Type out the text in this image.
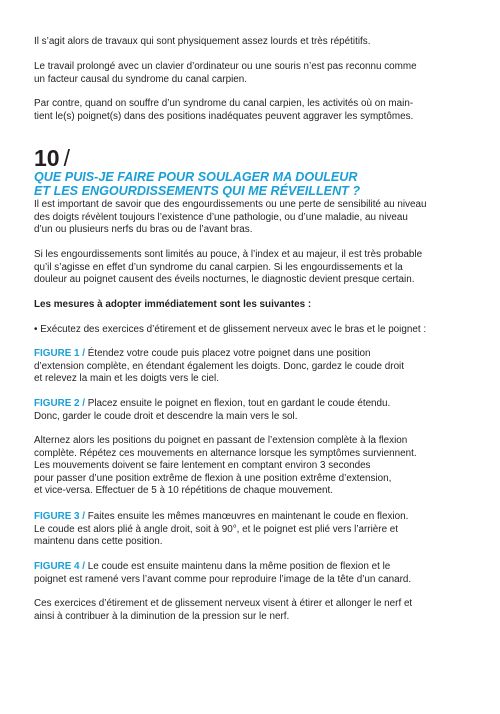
Il s’agit alors de travaux qui sont physiquement assez lourds et très répétitifs.

Le travail prolongé avec un clavier d’ordinateur ou une souris n’est pas reconnu comme
un facteur causal du syndrome du canal carpien.

Par contre, quand on souffre d’un syndrome du canal carpien, les activités où on main-
tient le(s) poignet(s) dans des positions inadéquates peuvent aggraver les symptômes.

10 /
QUE PUIS-JE FAIRE POUR SOULAGER MA DOULEUR
ET LES ENGOURDISSEMENTS QUI ME RÉVEILLENT ?

Il est important de savoir que des engourdissements ou une perte de sensibilité au niveau
des doigts révèlent toujours l’existence d’une pathologie, ou d’une maladie, au niveau
d’un ou plusieurs nerfs du bras ou de l’avant bras.

Si les engourdissements sont limités au pouce, à l’index et au majeur, il est très probable
qu’il s’agisse en effet d’un syndrome du canal carpien. Si les engourdissements et la
douleur au poignet causent des éveils nocturnes, le diagnostic devient presque certain.

Les mesures à adopter immédiatement sont les suivantes :

• Exécutez des exercices d’étirement et de glissement nerveux avec le bras et le poignet :

FIGURE 1 / Étendez votre coude puis placez votre poignet dans une position
d’extension complète, en étendant également les doigts. Donc, gardez le coude droit
et relevez la main et les doigts vers le ciel.

FIGURE 2 / Placez ensuite le poignet en flexion, tout en gardant le coude étendu.
Donc, garder le coude droit et descendre la main vers le sol.

Alternez alors les positions du poignet en passant de l’extension complète à la flexion
complète. Répétez ces mouvements en alternance lorsque les symptômes surviennent.
Les mouvements doivent se faire lentement en comptant environ 3 secondes
pour passer d’une position extrême de flexion à une position extrême d’extension,
et vice-versa. Effectuer de 5 à 10 répétitions de chaque mouvement.

FIGURE 3 / Faites ensuite les mêmes manœuvres en maintenant le coude en flexion.
Le coude est alors plié à angle droit, soit à 90°, et le poignet est plié vers l’arrière et
maintenu dans cette position.

FIGURE 4 / Le coude est ensuite maintenu dans la même position de flexion et le
poignet est ramené vers l’avant comme pour reproduire l’image de la tête d’un canard.

Ces exercices d’étirement et de glissement nerveux visent à étirer et allonger le nerf et
ainsi à contribuer à la diminution de la pression sur le nerf.
